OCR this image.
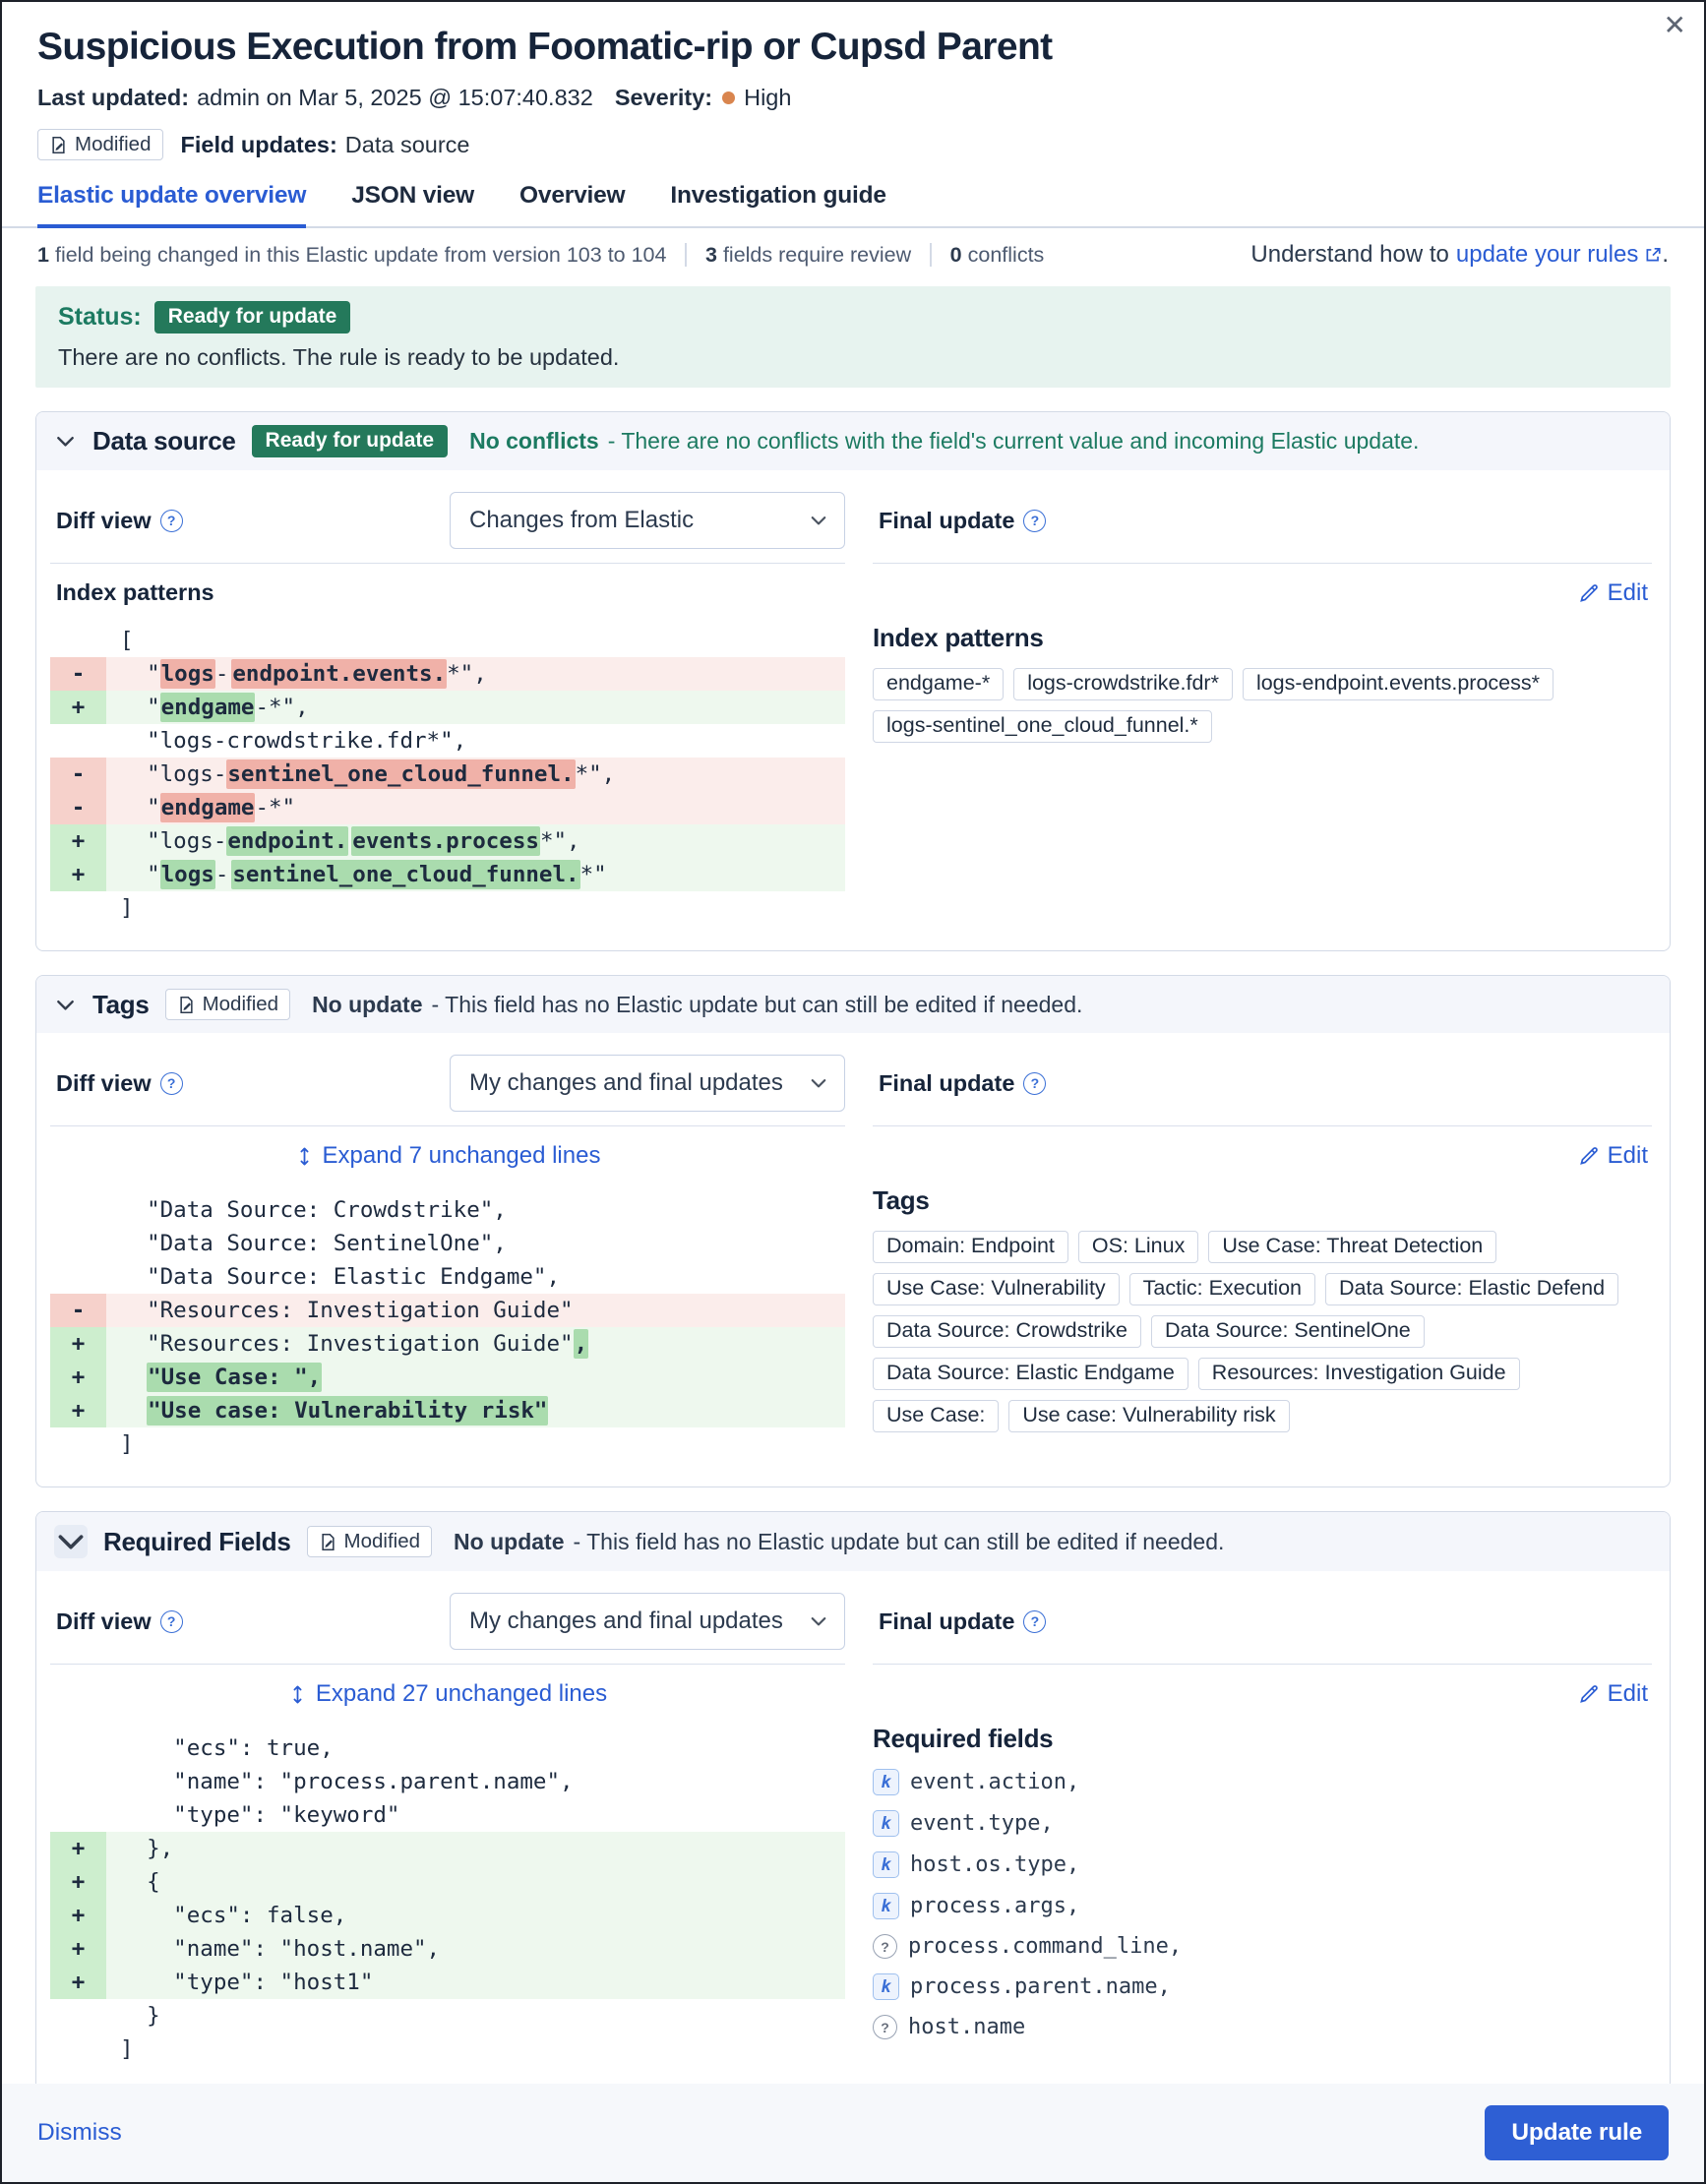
✕
Suspicious Execution from Foomatic-rip or Cupsd Parent
Last updated: admin on Mar 5, 2025 @ 15:07:40.832 Severity: High
Modified Field updates: Data source
Elastic update overview JSON view Overview Investigation guide
1 field being changed in this Elastic update from version 103 to 104 3 fields require review 0 conflicts	Understand how to update your rules .
Status:	Ready for update
There are no conflicts. The rule is ready to be updated.
Data source	Ready for update	No conflicts - There are no conflicts with the field's current value and incoming Elastic update.
Diff view	?	Changes from Elastic
Index patterns
[
-	"logs- endpoint.events.*",
+	"endgame-*",
"logs-crowdstrike.fdr*",
-	"logs-sentinel_one_cloud_funnel.*",
-	"endgame-*"
+	"logs-endpoint. events.process*",
+	"logs- sentinel_one_cloud_funnel.*"
]
Final update	?
Edit
Index patterns
endgame-*	logs-crowdstrike.fdr*	logs-endpoint.events.process*
logs-sentinel_one_cloud_funnel.*
Tags	Modified No update - This field has no Elastic update but can still be edited if needed.
Diff view	?	My changes and final updates
Expand 7 unchanged lines
"Data Source: Crowdstrike",
"Data Source: SentinelOne",
"Data Source: Elastic Endgame",
-	"Resources: Investigation Guide"
+	"Resources: Investigation Guide",
+	"Use Case: ",
+	"Use case: Vulnerability risk"
]
Final update	?
Edit
Tags
Domain: Endpoint	OS: Linux	Use Case: Threat Detection
Use Case: Vulnerability	Tactic: Execution	Data Source: Elastic Defend
Data Source: Crowdstrike	Data Source: SentinelOne
Data Source: Elastic Endgame	Resources: Investigation Guide
Use Case:	Use case: Vulnerability risk
Required Fields	Modified No update - This field has no Elastic update but can still be edited if needed.
Diff view	?	My changes and final updates
Expand 27 unchanged lines
"ecs": true,
"name": "process.parent.name",
"type": "keyword"
+	},
+	{
+	"ecs": false,
+	"name": "host.name",
+	"type": "host1"
}
]
Final update	?
Edit
Required fields
k event.action,
k event.type,
k host.os.type,
k process.args,
? process.command_line,
k process.parent.name,
? host.name
Dismiss	Update rule
